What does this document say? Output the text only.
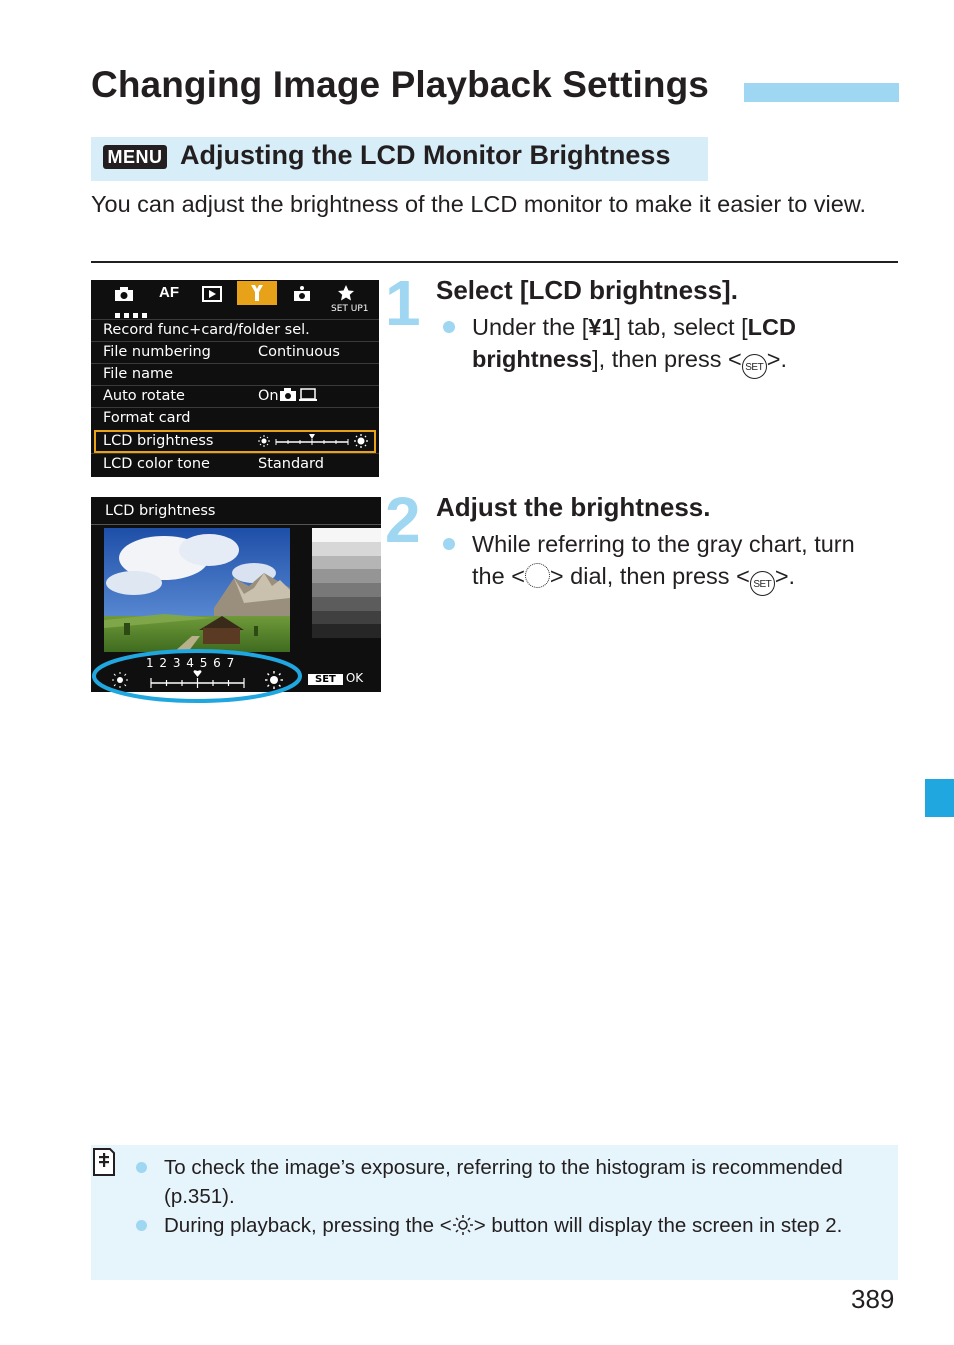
Changing Image Playback Settings
MENU Adjusting the LCD Monitor Brightness
You can adjust the brightness of the LCD monitor to make it easier to view.
AF
SET UP1
Record func+card/folder sel.
File numbering	Continuous
File name
Auto rotate	On
Format card
LCD brightness
LCD color tone	Standard
1 Select [LCD brightness].
Under the [¥1] tab, select [LCD
brightness], then press < SET >.
LCD brightness
1234567
SET OK
2 Adjust the brightness.
While referring to the gray chart, turn
the < > dial, then press < SET >.
To check the image’s exposure, referring to the histogram is recommended (p.351).
During playback, pressing the < > button will display the screen in step 2.
389
